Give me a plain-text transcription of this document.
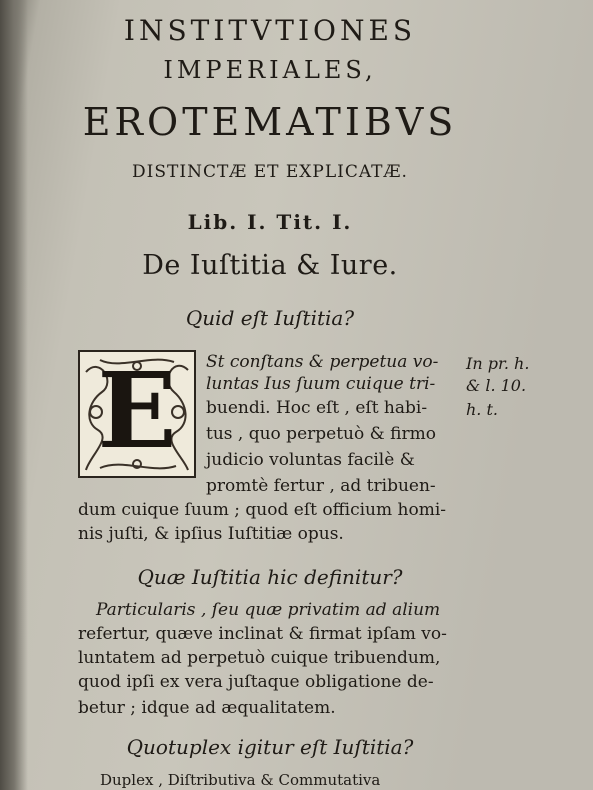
INSTITVTIONES
IMPERIALES,
EROTEMATIBVS
DISTINCTÆ ET EXPLICATÆ.
Lib. I. Tit. I.
De Iuſtitia & Iure.
Quid eſt Iuſtitia?
E	St conſtans & perpetua vo-
luntas Ius ſuum cuique tri-
buendi. Hoc eſt , eſt habi-
tus , quo perpetuò & firmo
judicio voluntas facilè &
promtè fertur , ad tribuen-
dum cuique ſuum ; quod eſt officium homi-
nis juſti, & ipſius Iuſtitiæ opus.
In pr. h.
& l. 10.
h. t.
Quæ Iuſtitia hic definitur?
Particularis , ſeu quæ privatim ad alium
refertur, quæve inclinat & firmat ipſam vo-
luntatem ad perpetuò cuique tribuendum,
quod ipſi ex vera juſtaque obligatione de-
betur ; idque ad æqualitatem.
Quotuplex igitur eſt Iuſtitia?
Duplex , Diſtributiva & Commutativa
